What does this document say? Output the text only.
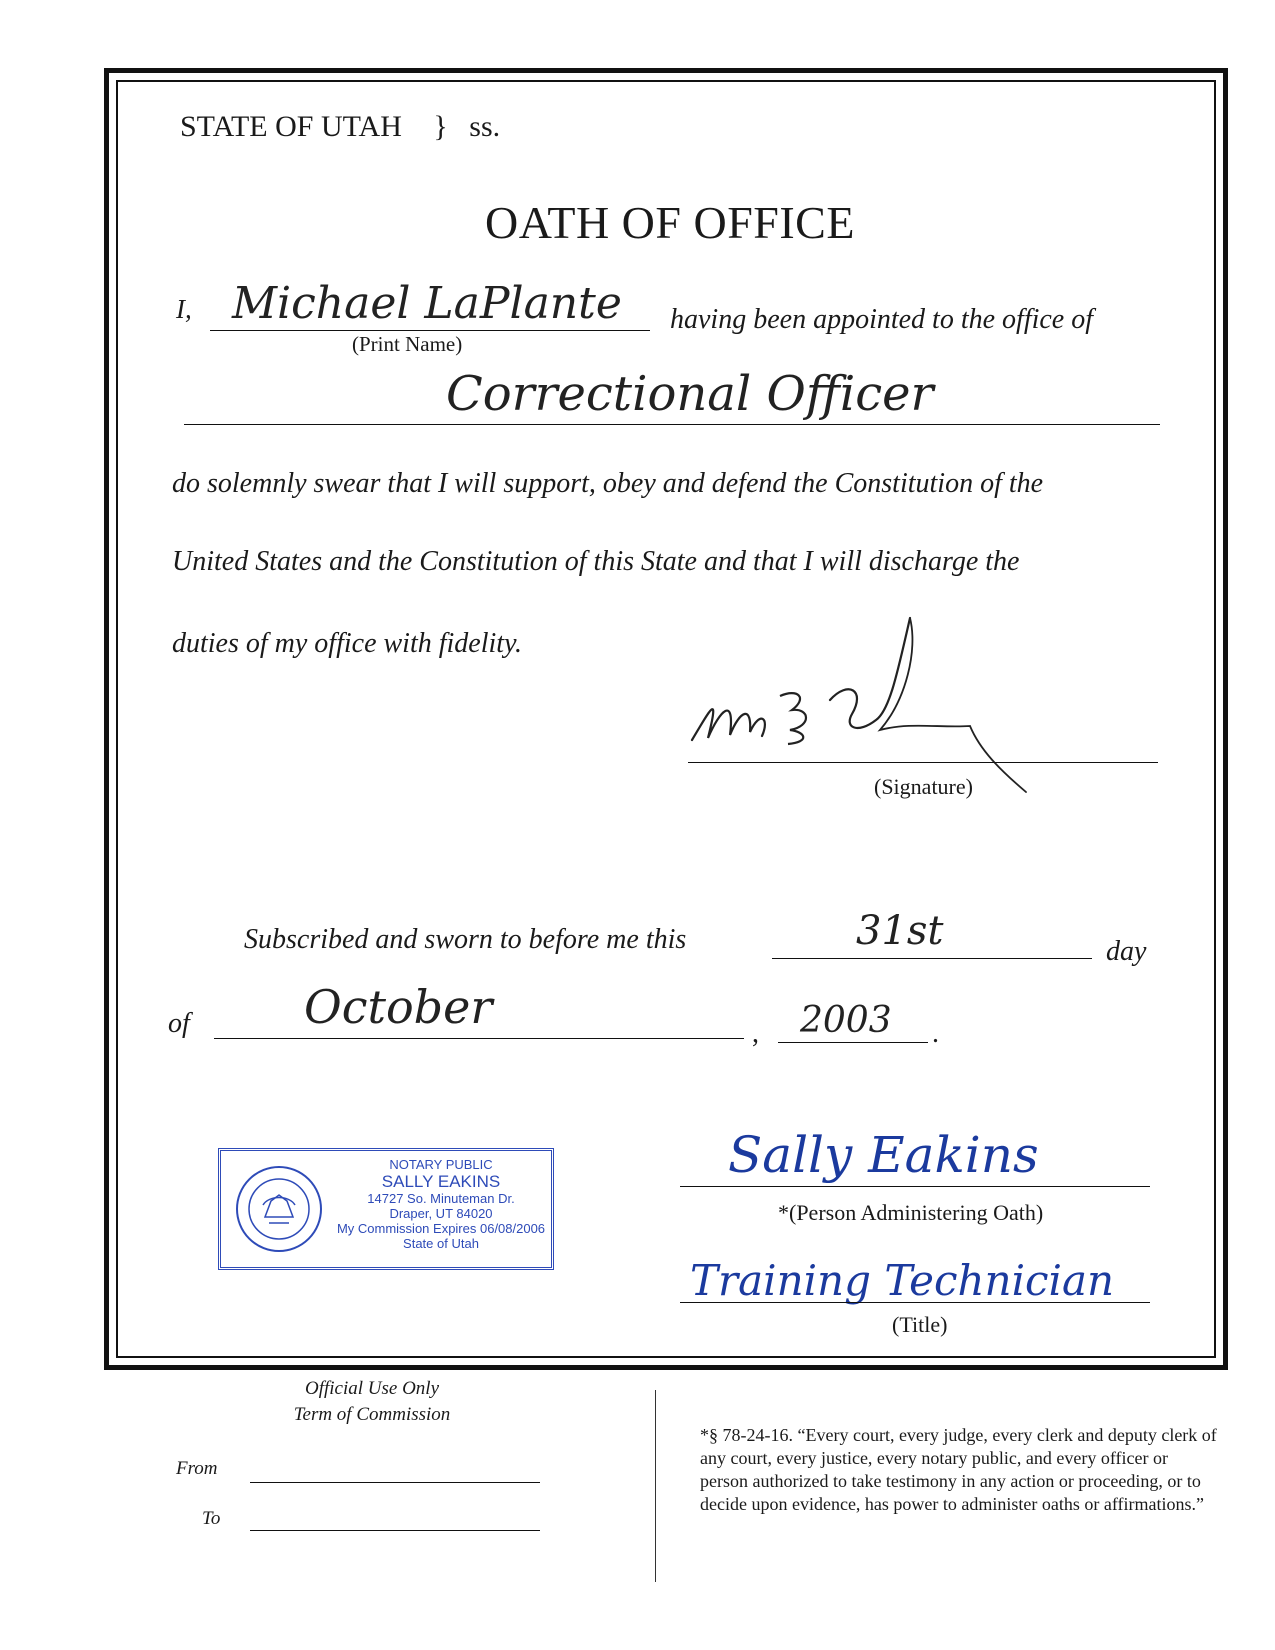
STATE OF UTAH } ss.
OATH OF OFFICE
I, Michael LaPlante
(Print Name)
having been appointed to the office of
Correctional Officer
do solemnly swear that I will support, obey and defend the Constitution of the
United States and the Constitution of this State and that I will discharge the
duties of my office with fidelity.
(Signature)
Subscribed and sworn to before me this	31st	day
of October	, 2003 .
NOTARY PUBLIC
SALLY EAKINS
14727 So. Minuteman Dr.
Draper, UT 84020
My Commission Expires 06/08/2006
State of Utah
Sally Eakins
*(Person Administering Oath)
Training Technician
(Title)
Official Use Only
Term of Commission
From
To
*§ 78-24-16. “Every court, every judge, every clerk and deputy clerk of any court, every justice, every notary public, and every officer or person authorized to take testimony in any action or proceeding, or to decide upon evidence, has power to administer oaths or affirmations.”
